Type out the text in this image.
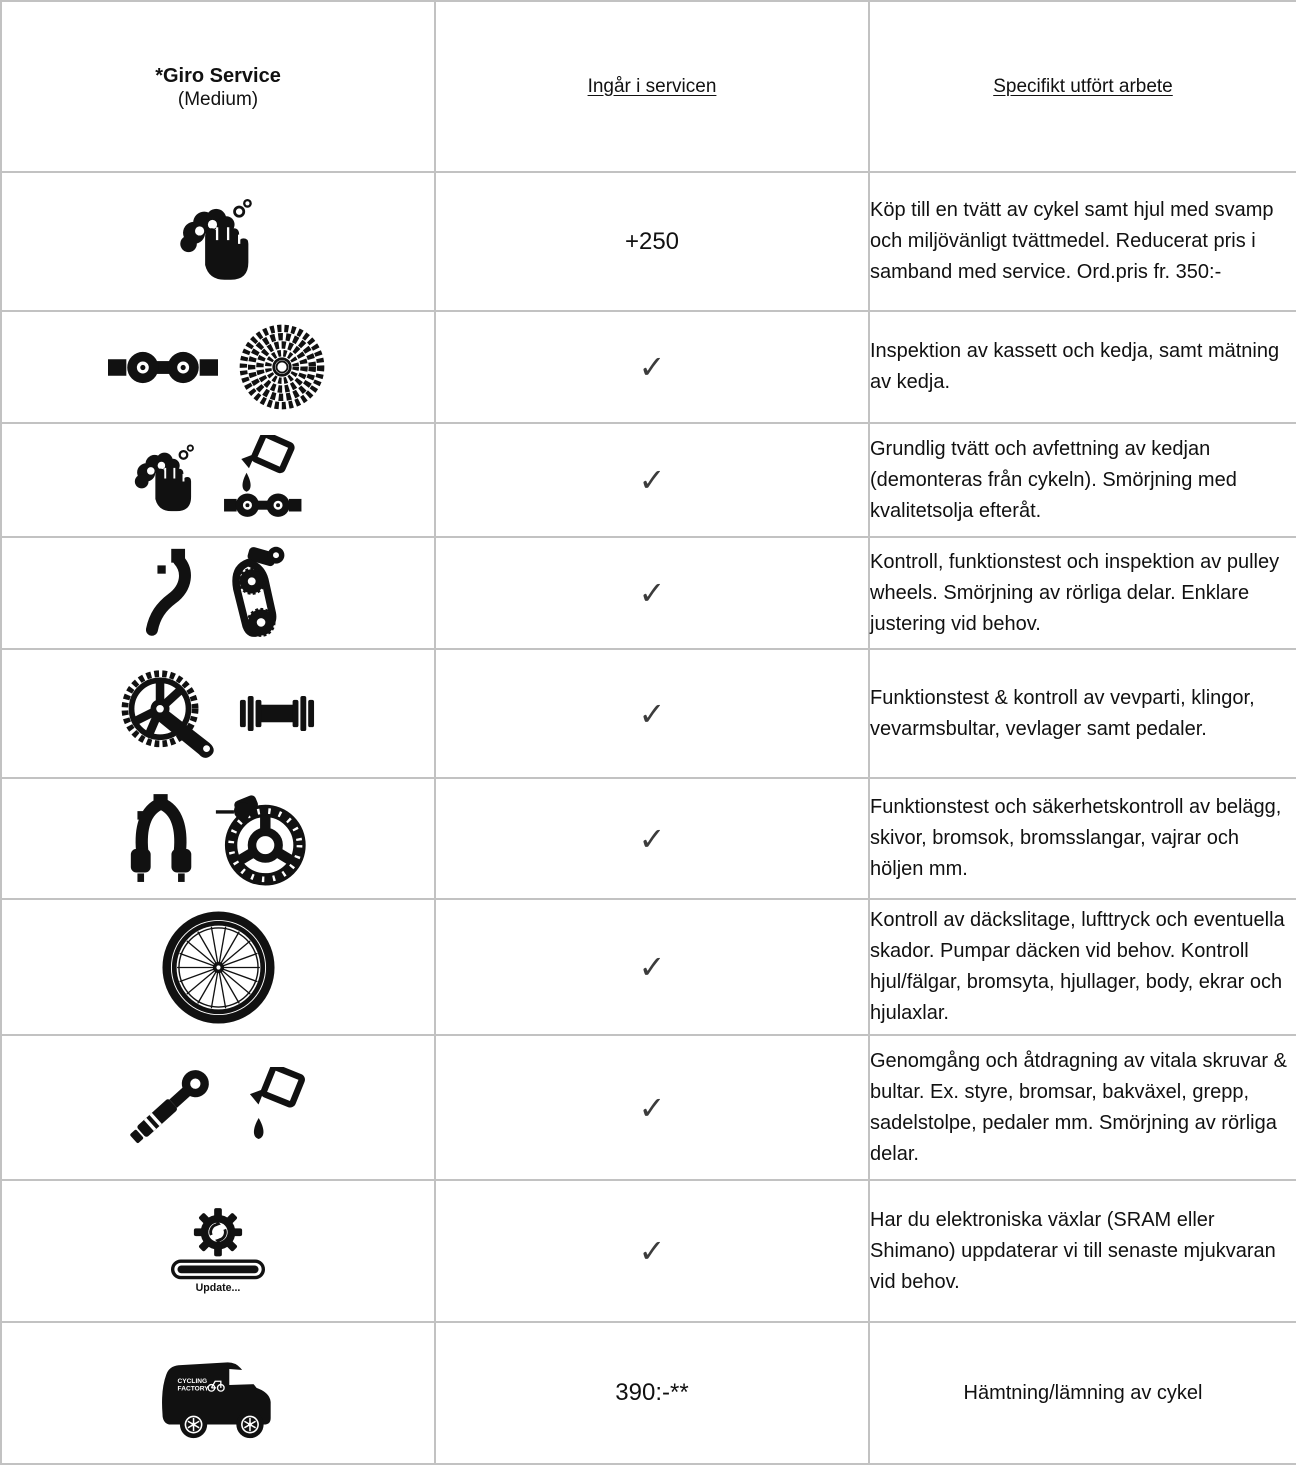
*Giro Service
(Medium)	Ingår i servicen	Specifikt utfört arbete

	+250	Köp till en tvätt av cykel samt hjul med svamp och miljövänligt tvättmedel. Reducerat pris i samband med service. Ord.pris fr. 350:-

	✓	Inspektion av kassett och kedja, samt mätning av kedja.

	✓	Grundlig tvätt och avfettning av kedjan (demonteras från cykeln). Smörjning med kvalitetsolja efteråt.

	✓	Kontroll, funktionstest och inspektion av pulley wheels. Smörjning av rörliga delar. Enklare justering vid behov.

	✓	Funktionstest & kontroll av vevparti, klingor, vevarmsbultar, vevlager samt pedaler.

	✓	Funktionstest och säkerhetskontroll av belägg, skivor, bromsok, bromsslangar, vajrar och höljen mm.

	✓	Kontroll av däckslitage, lufttryck och eventuella skador. Pumpar däcken vid behov. Kontroll hjul/fälgar, bromsyta, hjullager, body, ekrar och hjulaxlar.

	✓	Genomgång och åtdragning av vitala skruvar & bultar. Ex. styre, bromsar, bakväxel, grepp, sadelstolpe, pedaler mm. Smörjning av rörliga delar.

Update...	✓	Har du elektroniska växlar (SRAM eller Shimano) uppdaterar vi till senaste mjukvaran vid behov.

CYCLING
FACTORY	390:-**	Hämtning/lämning av cykel
